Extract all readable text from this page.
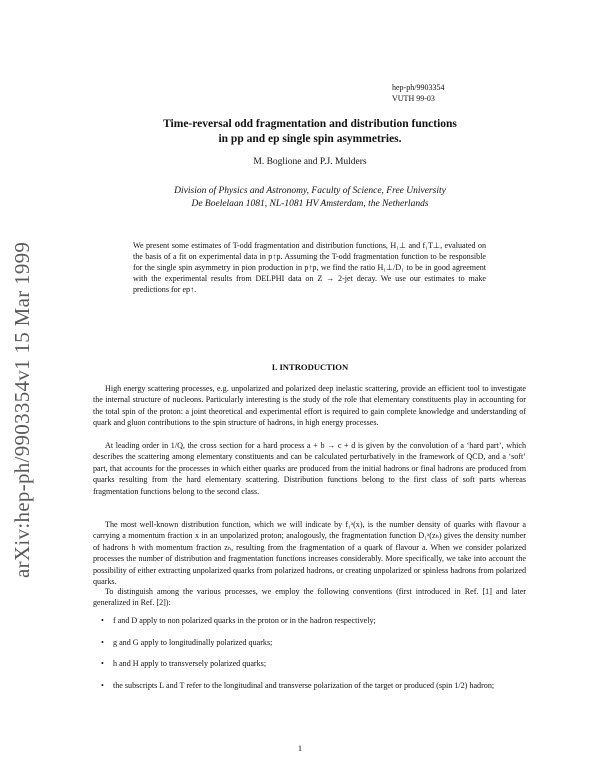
arXiv:hep-ph/9903354v1 15 Mar 1999
hep-ph/9903354
VUTH 99-03
Time-reversal odd fragmentation and distribution functions
in pp and ep single spin asymmetries.
M. Boglione and P.J. Mulders
Division of Physics and Astronomy, Faculty of Science, Free University
De Boelelaan 1081, NL-1081 HV Amsterdam, the Netherlands
We present some estimates of T-odd fragmentation and distribution functions, H₁⊥ and f₁T⊥, evaluated on the basis of a fit on experimental data in p↑p. Assuming the T-odd fragmentation function to be responsible for the single spin asymmetry in pion production in p↑p, we find the ratio H₁⊥/D₁ to be in good agreement with the experimental results from DELPHI data on Z → 2-jet decay. We use our estimates to make predictions for ep↑.
I. INTRODUCTION
High energy scattering processes, e.g. unpolarized and polarized deep inelastic scattering, provide an efficient tool to investigate the internal structure of nucleons. Particularly interesting is the study of the role that elementary constituents play in accounting for the total spin of the proton: a joint theoretical and experimental effort is required to gain complete knowledge and understanding of quark and gluon contributions to the spin structure of hadrons, in high energy processes.
At leading order in 1/Q, the cross section for a hard process a + b → c + d is given by the convolution of a ‘hard part’, which describes the scattering among elementary constituents and can be calculated perturbatively in the framework of QCD, and a ‘soft’ part, that accounts for the processes in which either quarks are produced from the initial hadrons or final hadrons are produced from quarks resulting from the hard elementary scattering. Distribution functions belong to the first class of soft parts whereas fragmentation functions belong to the second class.
The most well-known distribution function, which we will indicate by f₁ᵃ(x), is the number density of quarks with flavour a carrying a momentum fraction x in an unpolarized proton; analogously, the fragmentation function D₁ᵃ(zₕ) gives the density number of hadrons h with momentum fraction zₕ, resulting from the fragmentation of a quark of flavour a. When we consider polarized processes the number of distribution and fragmentation functions increases considerably. More specifically, we take into account the possibility of either extracting unpolarized quarks from polarized hadrons, or creating unpolarized or spinless hadrons from polarized quarks.
To distinguish among the various processes, we employ the following conventions (first introduced in Ref. [1] and later generalized in Ref. [2]):
• f and D apply to non polarized quarks in the proton or in the hadron respectively;
• g and G apply to longitudinally polarized quarks;
• h and H apply to transversely polarized quarks;
• the subscripts L and T refer to the longitudinal and transverse polarization of the target or produced (spin 1/2) hadron;
1
